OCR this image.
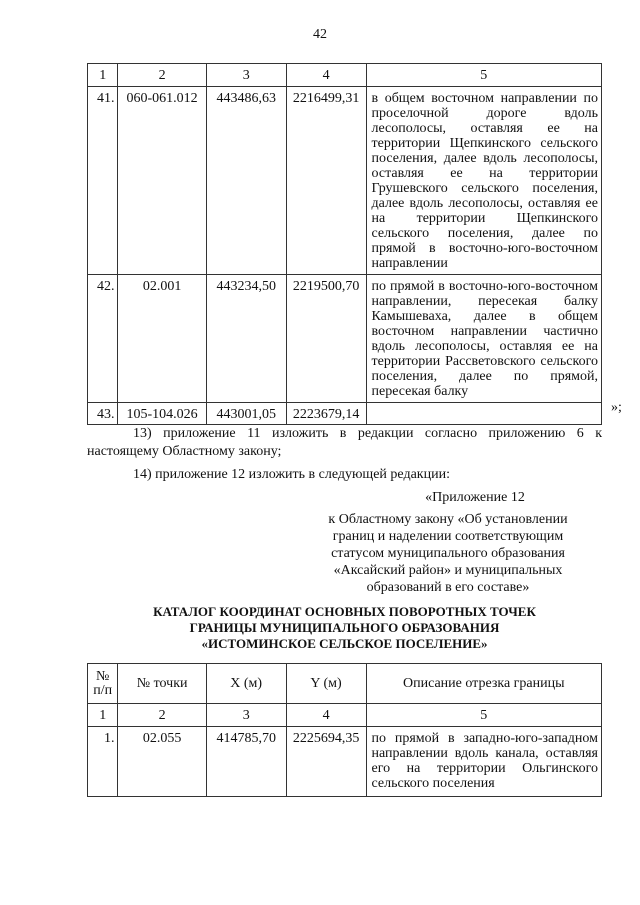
42
1	2	3	4	5
41.	060-061.012	443486,63	2216499,31	в общем восточном направлении по проселочной дороге вдоль лесополосы, оставляя ее на территории Щепкинского сельского поселения, далее вдоль лесополосы, оставляя ее на территории Грушевского сельского поселения, далее вдоль лесополосы, оставляя ее на территории Щепкинского сельского поселения, далее по прямой в восточно-юго-восточном направлении
42.	02.001	443234,50	2219500,70	по прямой в восточно-юго-восточном направлении, пересекая балку Камышеваха, далее в общем восточном направлении частично вдоль лесополосы, оставляя ее на территории Рассветовского сельского поселения, далее по прямой, пересекая балку
43.	105-104.026	443001,05	2223679,14		»;
13) приложение 11 изложить в редакции согласно приложению 6 к настоящему Областному закону;
14) приложение 12 изложить в следующей редакции:
«Приложение 12
к Областному закону «Об установлении
границ и наделении соответствующим
статусом муниципального образования
«Аксайский район» и муниципальных
образований в его составе»
КАТАЛОГ КООРДИНАТ ОСНОВНЫХ ПОВОРОТНЫХ ТОЧЕК
ГРАНИЦЫ МУНИЦИПАЛЬНОГО ОБРАЗОВАНИЯ
«ИСТОМИНСКОЕ СЕЛЬСКОЕ ПОСЕЛЕНИЕ»
№
п/п	№ точки	X (м)	Y (м)	Описание отрезка границы
1	2	3	4	5
1.	02.055	414785,70	2225694,35	по прямой в западно-юго-западном направлении вдоль канала, оставляя его на территории Ольгинского сельского поселения
